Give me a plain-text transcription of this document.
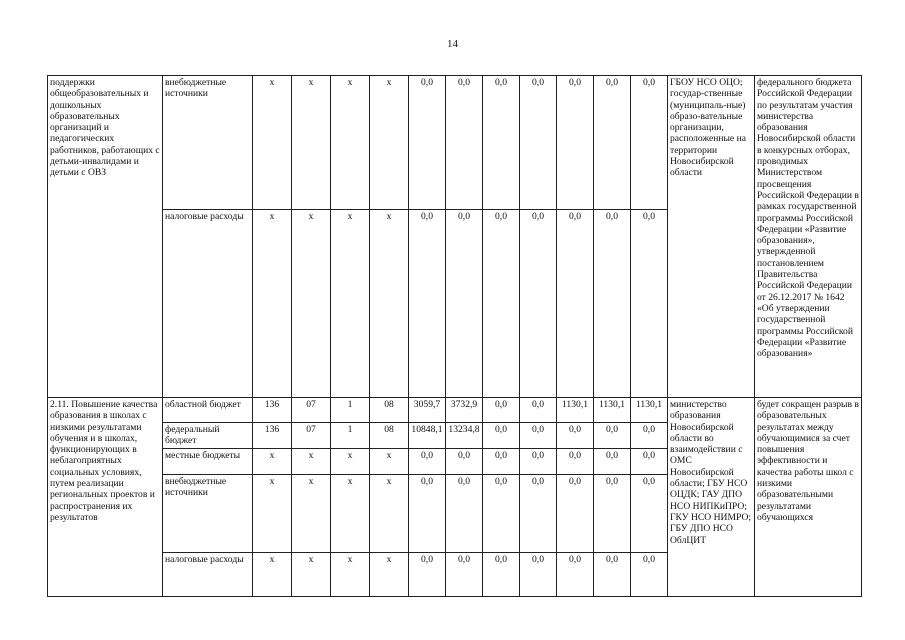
14
поддержки общеобразовательных и дошкольных образовательных организаций и педагогических работников, работающих с детьми-инвалидами и детьми с ОВЗ	внебюджетные источники	x	x	x	x	0,0	0,0	0,0	0,0	0,0	0,0	0,0	ГБОУ НСО ОЦО; государ-ственные (муниципаль-ные) образо-вательные организации, расположенные на территории Новосибирской области	федерального бюджета Российской Федерации по результатам участия министерства образования Новосибирской области в конкурсных отборах, проводимых Министерством просвещения Российской Федерации в рамках государственной программы Российской Федерации «Развитие образования», утвержденной постановлением Правительства Российской Федерации от 26.12.2017 № 1642 «Об утверждении государственной программы Российской Федерации «Развитие образования»
	налоговые расходы	x	x	x	x	0,0	0,0	0,0	0,0	0,0	0,0	0,0		
2.11. Повышение качества образования в школах с низкими результатами обучения и в школах, функционирующих в неблагоприятных социальных условиях, путем реализации региональных проектов и распространения их результатов	областной бюджет	136	07	1	08	3059,7	3732,9	0,0	0,0	1130,1	1130,1	1130,1	министерство образования Новосибирской области во взаимодействии с ОМС Новосибирской области; ГБУ НСО ОЦДК; ГАУ ДПО НСО НИПКиПРО; ГКУ НСО НИМРО; ГБУ ДПО НСО ОблЦИТ	будет сокращен разрыв в образовательных результатах между обучающимися за счет повышения эффективности и качества работы школ с низкими образовательными результатами обучающихся
	федеральный бюджет	136	07	1	08	10848,1	13234,8	0,0	0,0	0,0	0,0	0,0		
	местные бюджеты	x	x	x	x	0,0	0,0	0,0	0,0	0,0	0,0	0,0		
	внебюджетные источники	x	x	x	x	0,0	0,0	0,0	0,0	0,0	0,0	0,0		
	налоговые расходы	x	x	x	x	0,0	0,0	0,0	0,0	0,0	0,0	0,0		
